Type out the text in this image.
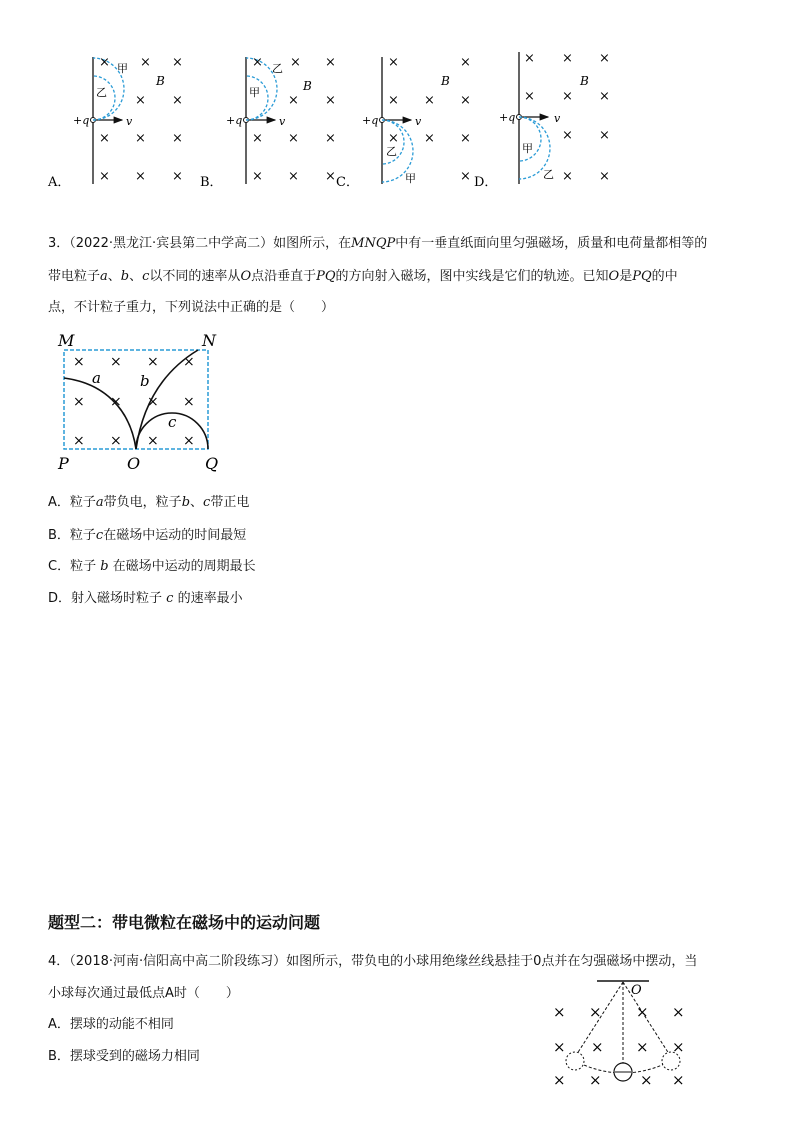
× × ×
× ×
× × ×
× × ×
甲
乙
B
+q	v
A．
× × ×
× ×
× × ×
× × ×
乙
甲	B
+q	v
B．
×	×
× × ×
× × ×
×
B
+q	v
乙
甲
C．
× × ×
× × ×
× ×
× ×
B
+q	v
甲
乙
D．
3．（2022·黑龙江·宾县第二中学高二）如图所示，在MNQP中有一垂直纸面向里匀强磁场，质量和电荷量都相等的
带电粒子a、b、c以不同的速率从O点沿垂直于PQ的方向射入磁场，图中实线是它们的轨迹。已知O是PQ的中
点，不计粒子重力，下列说法中正确的是（　　）
M	N
P	O	Q
× × × ×
× × × ×
× × × ×
a	b
c
A．粒子a带负电，粒子b、c带正电
B．粒子c在磁场中运动的时间最短
C．粒子 b 在磁场中运动的周期最长
D．射入磁场时粒子 c 的速率最小
题型二：带电微粒在磁场中的运动问题
4．（2018·河南·信阳高中高二阶段练习）如图所示，带负电的小球用绝缘丝线悬挂于0点并在匀强磁场中摆动，当
小球每次通过最低点A时（　　）
A．摆球的动能不相同
B．摆球受到的磁场力相同
O
× × × ×
× × × ×
× ×	× ×
